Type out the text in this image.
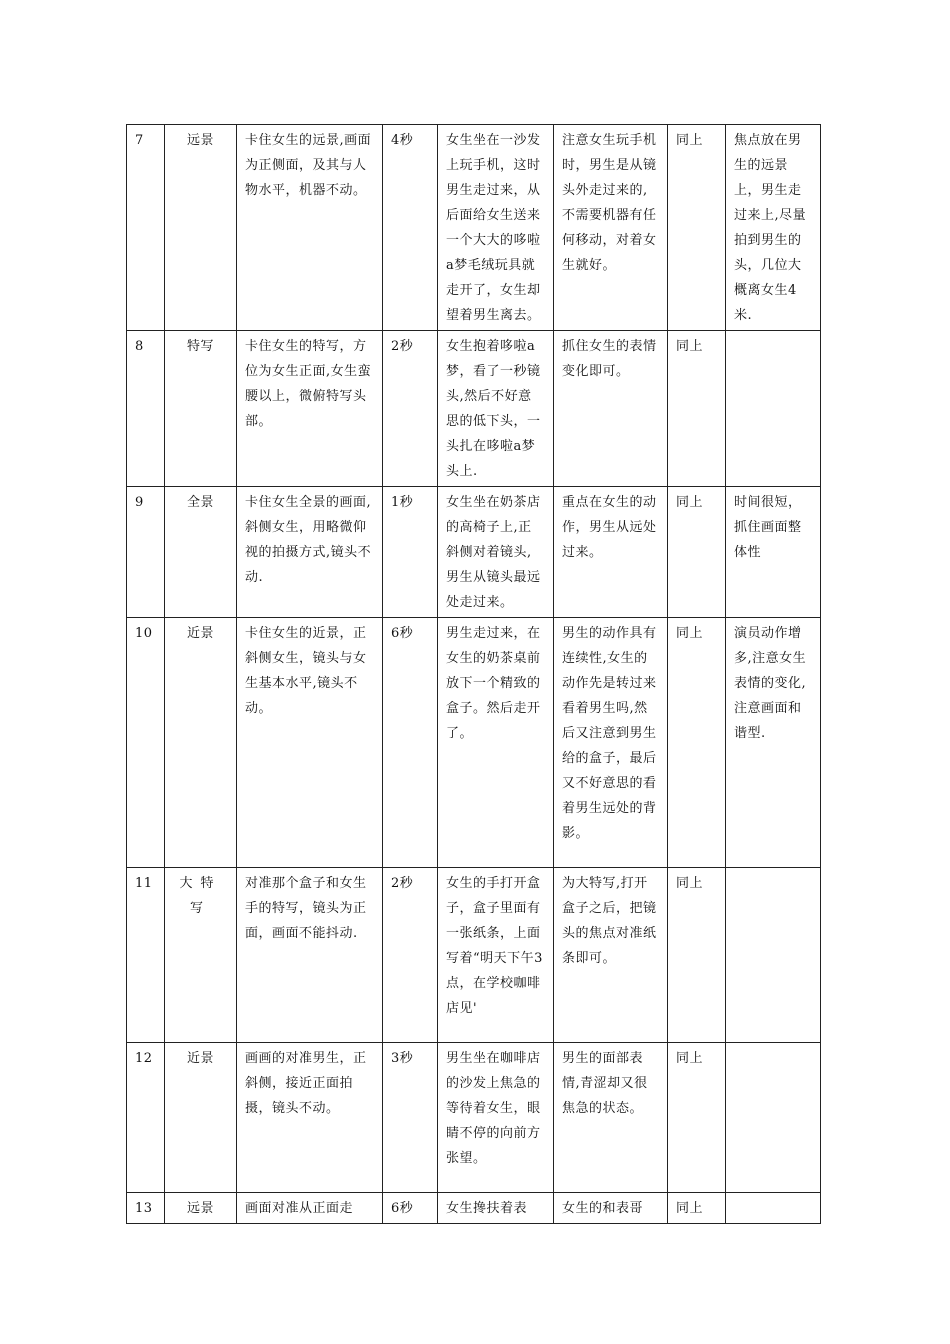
7	远景	卡住女生的远景,画面为正侧面，及其与人物水平，机器不动。	4秒	女生坐在一沙发上玩手机，这时男生走过来，从后面给女生送来一个大大的哆啦a梦毛绒玩具就走开了，女生却望着男生离去。	注意女生玩手机时，男生是从镜头外走过来的,不需要机器有任何移动，对着女生就好。	同上	焦点放在男生的远景上，男生走过来上,尽量拍到男生的头，几位大概离女生4米.
8	特写	卡住女生的特写，方位为女生正面,女生蛮腰以上，微俯特写头部。	2秒	女生抱着哆啦a梦，看了一秒镜头,然后不好意思的低下头，一头扎在哆啦a梦头上.	抓住女生的表情变化即可。	同上	
9	全景	卡住女生全景的画面,斜侧女生，用略微仰视的拍摄方式,镜头不动.	1秒	女生坐在奶茶店的高椅子上,正斜侧对着镜头,男生从镜头最远处走过来。	重点在女生的动作，男生从远处过来。	同上	时间很短，抓住画面整体性
10	近景	卡住女生的近景，正斜侧女生，镜头与女生基本水平,镜头不动。	6秒	男生走过来，在女生的奶茶桌前放下一个精致的盒子。然后走开了。	男生的动作具有连续性,女生的动作先是转过来看着男生吗,然后又注意到男生给的盒子，最后又不好意思的看着男生远处的背影。	同上	演员动作增多,注意女生表情的变化,注意画面和谐型.
11	大特写	对准那个盒子和女生手的特写，镜头为正面，画面不能抖动.	2秒	女生的手打开盒子，盒子里面有一张纸条，上面写着“明天下午3点，在学校咖啡店见'	为大特写,打开盒子之后，把镜头的焦点对准纸条即可。	同上	
12	近景	画画的对准男生，正斜侧，接近正面拍摄，镜头不动。	3秒	男生坐在咖啡店的沙发上焦急的等待着女生，眼睛不停的向前方张望。	男生的面部表情,青涩却又很焦急的状态。	同上	
13	远景	画面对准从正面走	6秒	女生搀扶着表	女生的和表哥	同上	
